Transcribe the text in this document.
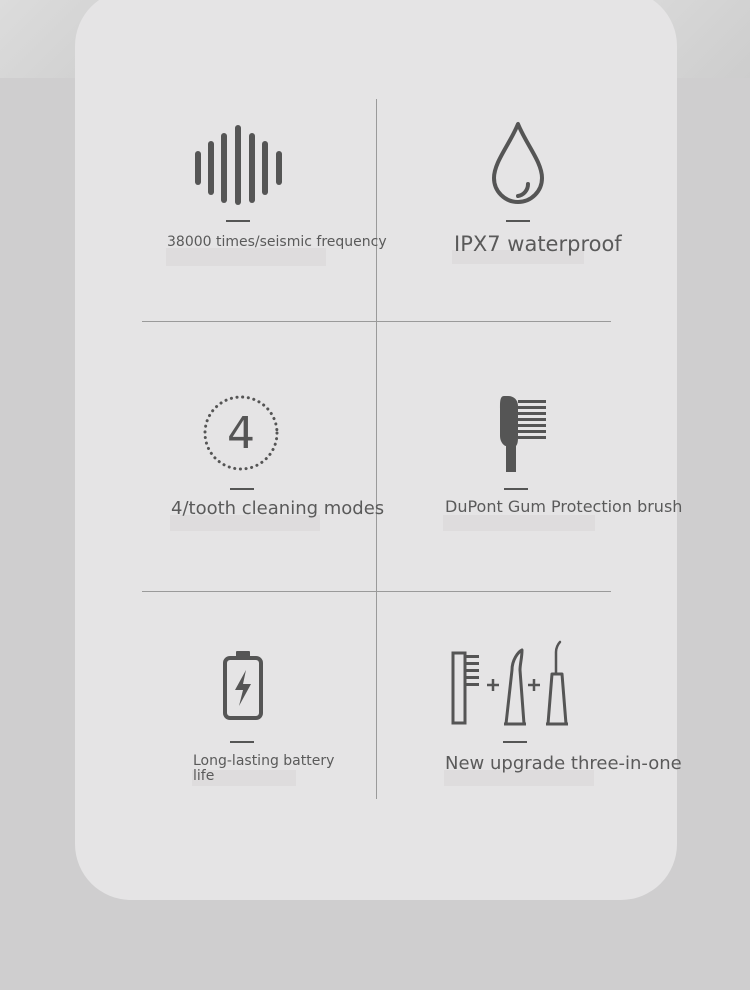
38000 times/seismic frequency	IPX7 waterproof
4
4/tooth cleaning modes	DuPont Gum Protection brush
Long-lasting battery life
New upgrade three-in-one
